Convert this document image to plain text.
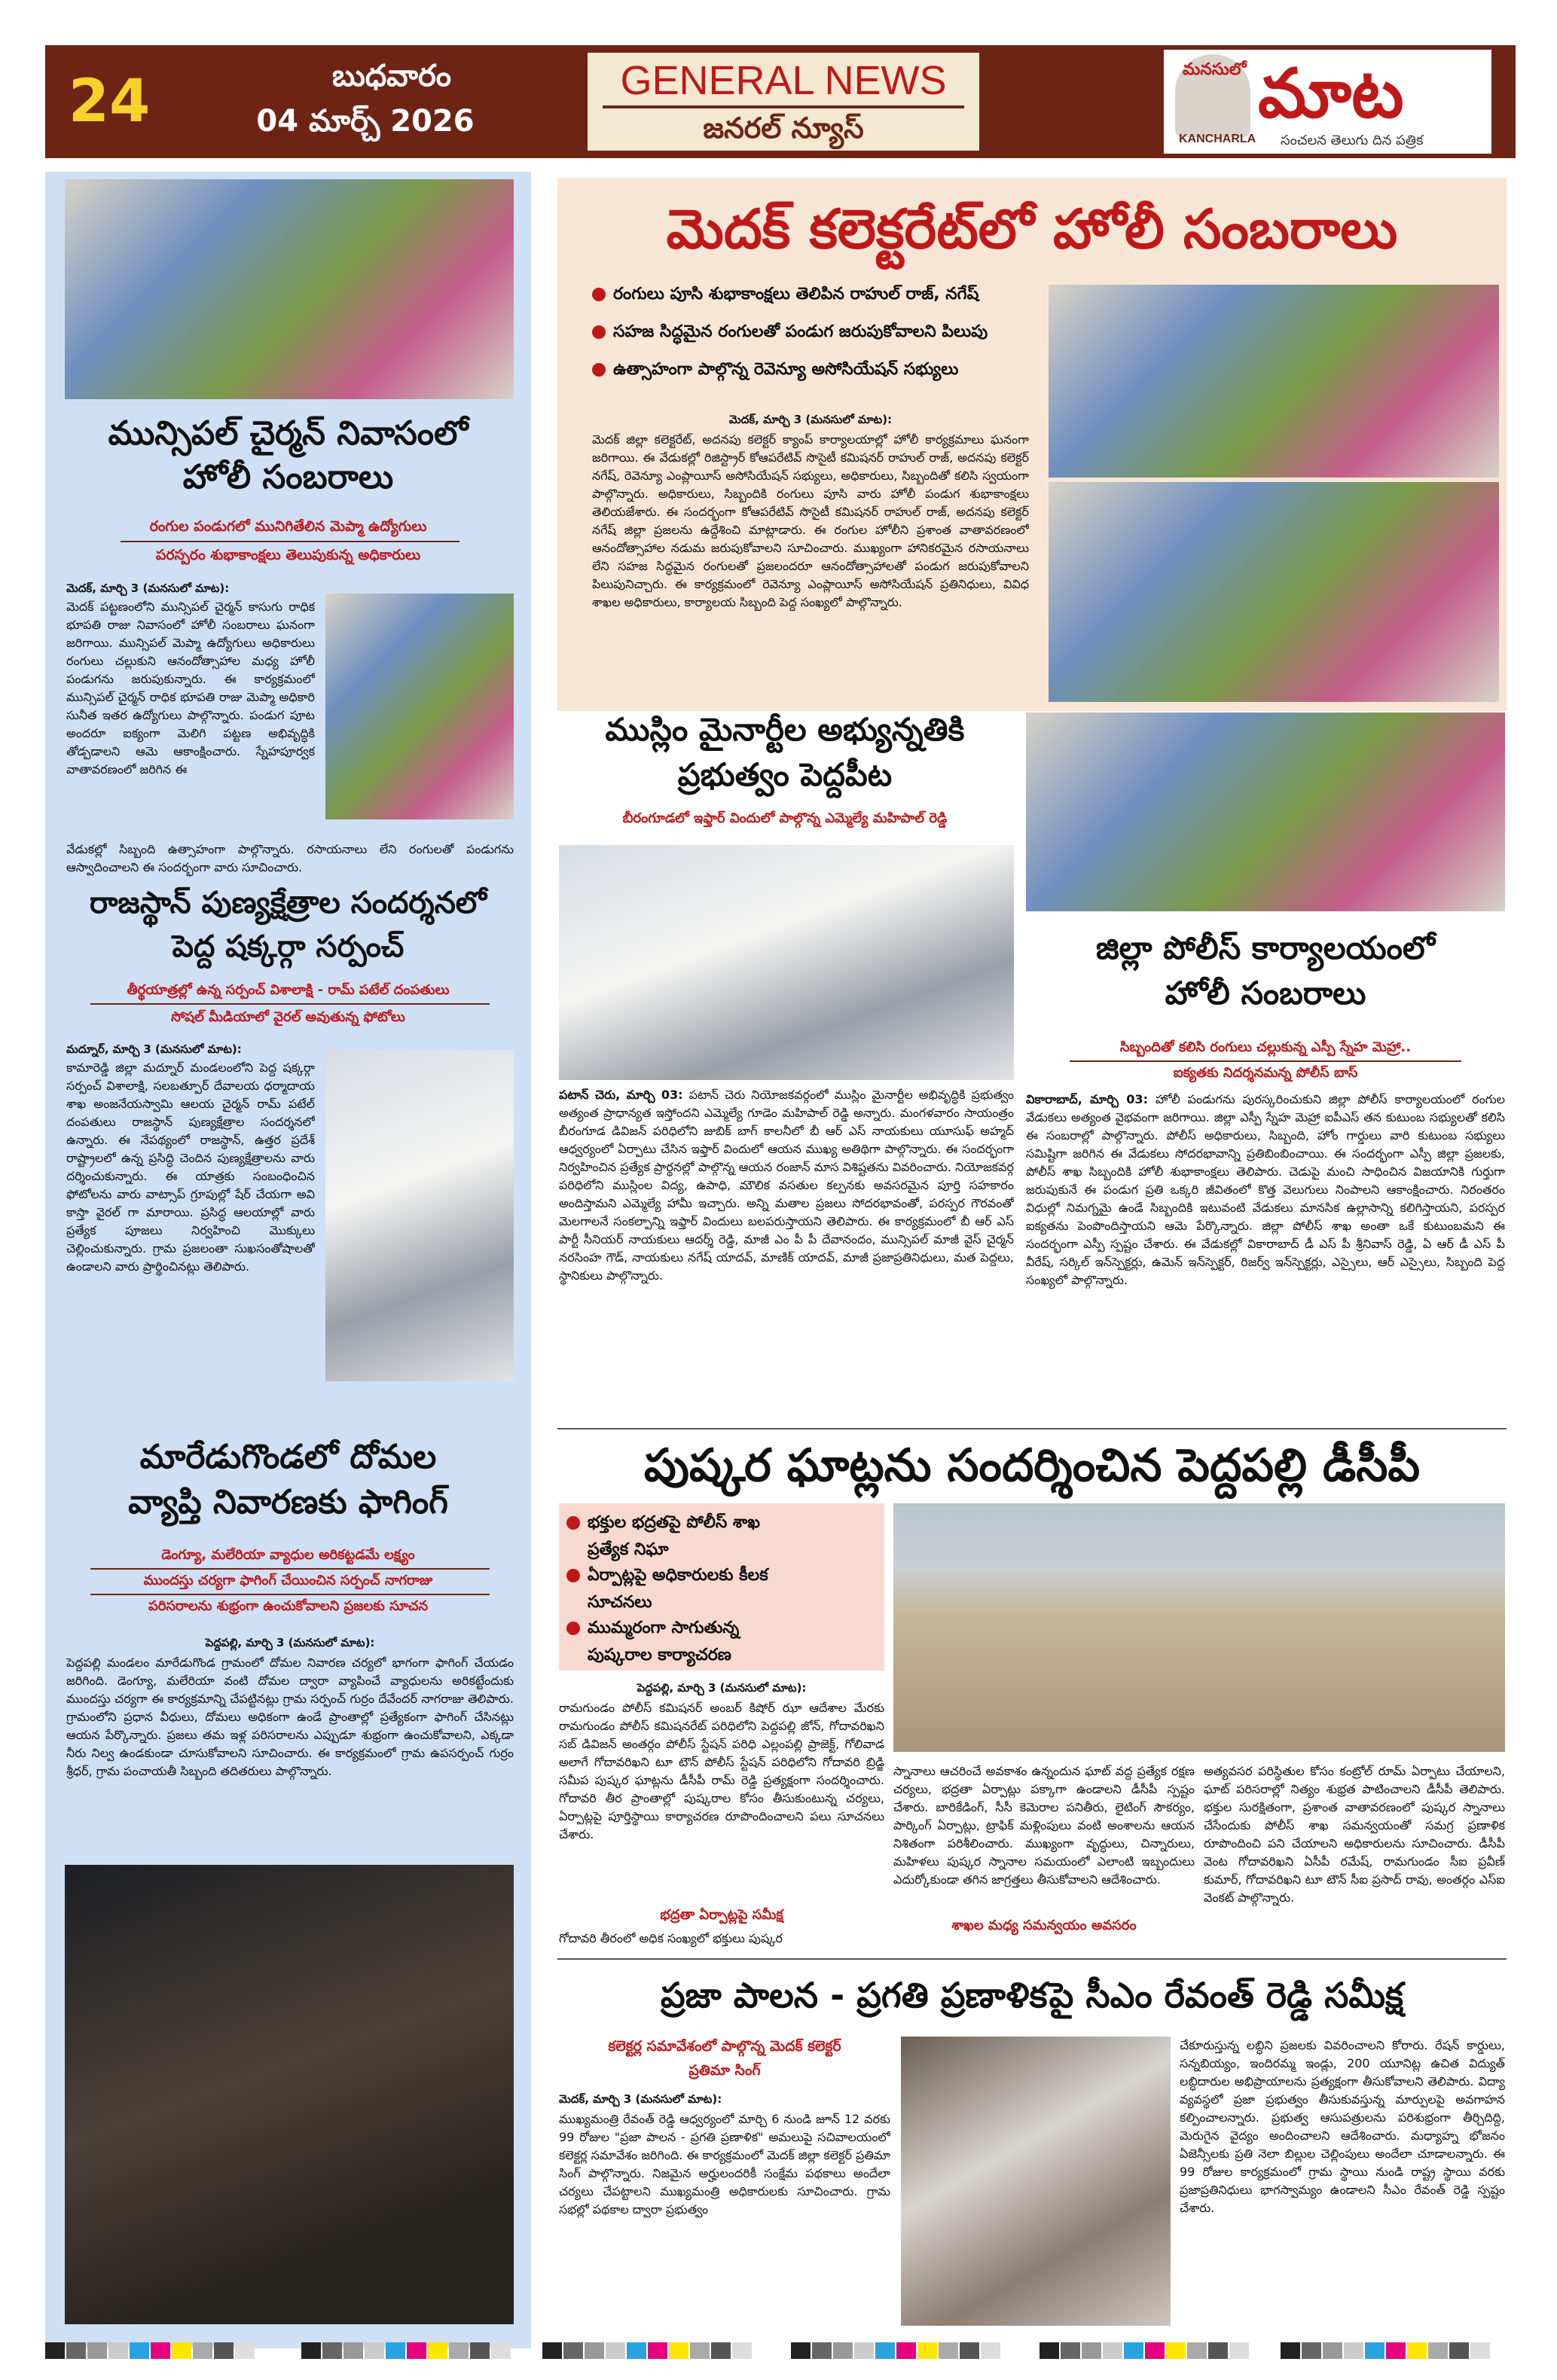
24	బుధవారం
04 మార్చ్ 2026
GENERAL NEWS
జనరల్ న్యూస్
మనసులో మాట
KANCHARLA సంచలన తెలుగు దిన పత్రిక
మున్సిపల్ చైర్మన్ నివాసంలో
హోలీ సంబరాలు
రంగుల పండుగలో మునిగితేలిన మెప్మా ఉద్యోగులు
పరస్పరం శుభాకాంక్షలు తెలుపుకున్న అధికారులు
మెదక్, మార్చి 3 (మనసులో మాట):
మెదక్ పట్టణంలోని మున్సిపల్ చైర్మన్ కాసుగు రాధిక భూపతి రాజు నివాసంలో హోలీ సంబరాలు ఘనంగా జరిగాయి. మున్సిపల్ మెప్మా ఉద్యోగులు అధికారులు రంగులు చల్లుకుని ఆనందోత్సాహాల మధ్య హోలీ పండుగను జరుపుకున్నారు. ఈ కార్యక్రమంలో మున్సిపల్ చైర్మన్ రాధిక భూపతి రాజు మెప్మా అధికారి సునీత ఇతర ఉద్యోగులు పాల్గొన్నారు. పండుగ పూట అందరూ ఐక్యంగా మెలిగి పట్టణ అభివృద్ధికి తోడ్పడాలని ఆమె ఆకాంక్షించారు. స్నేహపూర్వక వాతావరణంలో జరిగిన ఈ
వేడుకల్లో సిబ్బంది ఉత్సాహంగా పాల్గొన్నారు. రసాయనాలు లేని రంగులతో పండుగను ఆస్వాదించాలని ఈ సందర్భంగా వారు సూచించారు.
రాజస్థాన్ పుణ్యక్షేత్రాల సందర్శనలో
పెద్ద షక్కర్గా సర్పంచ్
తీర్థయాత్రల్లో ఉన్న సర్పంచ్ విశాలాక్షి - రామ్ పటేల్ దంపతులు
సోషల్ మీడియాలో వైరల్ అవుతున్న ఫోటోలు
మద్నూర్, మార్చి 3 (మనసులో మాట):
కామారెడ్డి జిల్లా మద్నూర్ మండలంలోని పెద్ద షక్కర్గా సర్పంచ్ విశాలాక్షి, సలబత్పూర్ దేవాలయ ధర్మాదాయ శాఖ అంజనేయస్వామి ఆలయ చైర్మన్ రామ్ పటేల్ దంపతులు రాజస్థాన్ పుణ్యక్షేత్రాల సందర్శనలో ఉన్నారు. ఈ నేపథ్యంలో రాజస్థాన్, ఉత్తర ప్రదేశ్ రాష్ట్రాలలో ఉన్న ప్రసిద్ధి చెందిన పుణ్యక్షేత్రాలను వారు దర్శించుకున్నారు. ఈ యాత్రకు సంబంధించిన ఫోటోలను వారు వాట్సాప్ గ్రూపుల్లో షేర్ చేయగా అవి కాస్తా వైరల్ గా మారాయి. ప్రసిద్ధ ఆలయాల్లో వారు ప్రత్యేక పూజలు నిర్వహించి మొక్కులు చెల్లించుకున్నారు. గ్రామ ప్రజలంతా సుఖసంతోషాలతో ఉండాలని వారు ప్రార్థించినట్లు తెలిపారు.
మారేడుగొండలో దోమల
వ్యాప్తి నివారణకు ఫాగింగ్
డెంగ్యూ, మలేరియా వ్యాధుల అరికట్టడమే లక్ష్యం
ముందస్తు చర్యగా ఫాగింగ్ చేయించిన సర్పంచ్ నాగరాజు
పరిసరాలను శుభ్రంగా ఉంచుకోవాలని ప్రజలకు సూచన
పెద్దపల్లి, మార్చి 3 (మనసులో మాట):
పెద్దపల్లి మండలం మారేడుగొండ గ్రామంలో దోమల నివారణ చర్యలో భాగంగా ఫాగింగ్ చేయడం జరిగింది. డెంగ్యూ, మలేరియా వంటి దోమల ద్వారా వ్యాపించే వ్యాధులను అరికట్టేందుకు ముందస్తు చర్యగా ఈ కార్యక్రమాన్ని చేపట్టినట్లు గ్రామ సర్పంచ్ గుర్రం దేవేందర్ నాగరాజు తెలిపారు. గ్రామంలోని ప్రధాన వీధులు, దోమలు అధికంగా ఉండే ప్రాంతాల్లో ప్రత్యేకంగా ఫాగింగ్ చేసినట్లు ఆయన పేర్కొన్నారు. ప్రజలు తమ ఇళ్ల పరిసరాలను ఎప్పుడూ శుభ్రంగా ఉంచుకోవాలని, ఎక్కడా నీరు నిల్వ ఉండకుండా చూసుకోవాలని సూచించారు. ఈ కార్యక్రమంలో గ్రామ ఉపసర్పంచ్ గుర్రం శ్రీధర్, గ్రామ పంచాయతీ సిబ్బంది తదితరులు పాల్గొన్నారు.
మెదక్ కలెక్టరేట్‌లో హోలీ సంబరాలు
రంగులు పూసి శుభాకాంక్షలు తెలిపిన రాహుల్ రాజ్, నగేష్
సహజ సిద్ధమైన రంగులతో పండుగ జరుపుకోవాలని పిలుపు
ఉత్సాహంగా పాల్గొన్న రెవెన్యూ అసోసియేషన్ సభ్యులు
మెదక్, మార్చి 3 (మనసులో మాట):
మెదక్ జిల్లా కలెక్టరేట్, అదనపు కలెక్టర్ క్యాంప్ కార్యాలయాల్లో హోలీ కార్యక్రమాలు ఘనంగా జరిగాయి. ఈ వేడుకల్లో రిజిస్ట్రార్ కోఆపరేటివ్ సొసైటీ కమిషనర్ రాహుల్ రాజ్, అదనపు కలెక్టర్ నగేష్, రెవెన్యూ ఎంప్లాయీస్ అసోసియేషన్ సభ్యులు, అధికారులు, సిబ్బందితో కలిసి స్వయంగా పాల్గొన్నారు. అధికారులు, సిబ్బందికి రంగులు పూసి వారు హోలీ పండుగ శుభాకాంక్షలు తెలియజేశారు. ఈ సందర్భంగా కోఆపరేటివ్ సొసైటీ కమిషనర్ రాహుల్ రాజ్, అదనపు కలెక్టర్ నగేష్ జిల్లా ప్రజలను ఉద్దేశించి మాట్లాడారు. ఈ రంగుల హోలీని ప్రశాంత వాతావరణంలో ఆనందోత్సాహాల నడుమ జరుపుకోవాలని సూచించారు. ముఖ్యంగా హానికరమైన రసాయనాలు లేని సహజ సిద్ధమైన రంగులతో ప్రజలందరూ ఆనందోత్సాహాలతో పండుగ జరుపుకోవాలని పిలుపునిచ్చారు. ఈ కార్యక్రమంలో రెవెన్యూ ఎంప్లాయీస్ అసోసియేషన్ ప్రతినిధులు, వివిధ శాఖల అధికారులు, కార్యాలయ సిబ్బంది పెద్ద సంఖ్యలో పాల్గొన్నారు.
ముస్లిం మైనార్టీల అభ్యున్నతికి
ప్రభుత్వం పెద్దపీట
బీరంగూడలో ఇఫ్తార్ విందులో పాల్గొన్న ఎమ్మెల్యే మహిపాల్ రెడ్డి
పటాన్ చెరు, మార్చి 03: పటాన్ చెరు నియోజకవర్గంలో ముస్లిం మైనార్టీల అభివృద్ధికి ప్రభుత్వం అత్యంత ప్రాధాన్యత ఇస్తోందని ఎమ్మెల్యే గూడెం మహిపాల్ రెడ్డి అన్నారు. మంగళవారం సాయంత్రం బీరంగూడ డివిజన్ పరిధిలోని జుబిక్ బాగ్ కాలనీలో బీ ఆర్ ఎస్ నాయకులు యూసుఫ్ అహ్మద్ ఆధ్వర్యంలో ఏర్పాటు చేసిన ఇఫ్తార్ విందులో ఆయన ముఖ్య అతిథిగా పాల్గొన్నారు. ఈ సందర్భంగా నిర్వహించిన ప్రత్యేక ప్రార్థనల్లో పాల్గొన్న ఆయన రంజాన్ మాస విశిష్టతను వివరించారు. నియోజకవర్గ పరిధిలోని ముస్లింల విద్య, ఉపాధి, మౌలిక వసతుల కల్పనకు అవసరమైన పూర్తి సహకారం అందిస్తామని ఎమ్మెల్యే హామీ ఇచ్చారు. అన్ని మతాల ప్రజలు సోదరభావంతో, పరస్పర గౌరవంతో మెలగాలనే సంకల్పాన్ని ఇఫ్తార్ విందులు బలపరుస్తాయని తెలిపారు. ఈ కార్యక్రమంలో బీ ఆర్ ఎస్ పార్టీ సీనియర్ నాయకులు ఆదర్శ్ రెడ్డి, మాజీ ఎం పీ పీ దేవానందం, మున్సిపల్ మాజీ వైస్ చైర్మన్ నరసింహ గౌడ్, నాయకులు నగేష్ యాదవ్, మాణిక్ యాదవ్, మాజీ ప్రజాప్రతినిధులు, మత పెద్దలు, స్థానికులు పాల్గొన్నారు.
జిల్లా పోలీస్ కార్యాలయంలో
హోలీ సంబరాలు
సిబ్బందితో కలిసి రంగులు చల్లుకున్న ఎస్పీ స్నేహ మెహ్రా..
ఐక్యతకు నిదర్శనమన్న పోలీస్ బాస్
వికారాబాద్, మార్చి 03: హోలీ పండుగను పురస్కరించుకుని జిల్లా పోలీస్ కార్యాలయంలో రంగుల వేడుకలు అత్యంత వైభవంగా జరిగాయి. జిల్లా ఎస్పీ స్నేహ మెహ్రా ఐపీఎస్ తన కుటుంబ సభ్యులతో కలిసి ఈ సంబరాల్లో పాల్గొన్నారు. పోలీస్ అధికారులు, సిబ్బంది, హోం గార్డులు వారి కుటుంబ సభ్యులు సమిష్టిగా జరిగిన ఈ వేడుకలు సోదరభావాన్ని ప్రతిబింబించాయి. ఈ సందర్భంగా ఎస్పీ జిల్లా ప్రజలకు, పోలీస్ శాఖ సిబ్బందికి హోలీ శుభాకాంక్షలు తెలిపారు. చెడుపై మంచి సాధించిన విజయానికి గుర్తుగా జరుపుకునే ఈ పండుగ ప్రతి ఒక్కరి జీవితంలో కొత్త వెలుగులు నింపాలని ఆకాంక్షించారు. నిరంతరం విధుల్లో నిమగ్నమై ఉండే సిబ్బందికి ఇటువంటి వేడుకలు మానసిక ఉల్లాసాన్ని కలిగిస్తాయని, పరస్పర ఐక్యతను పెంపొందిస్తాయని ఆమె పేర్కొన్నారు. జిల్లా పోలీస్ శాఖ అంతా ఒకే కుటుంబమని ఈ సందర్భంగా ఎస్పీ స్పష్టం చేశారు. ఈ వేడుకల్లో వికారాబాద్ డీ ఎస్ పీ శ్రీనివాస్ రెడ్డి, ఏ ఆర్ డీ ఎస్ పీ వీరేష్, సర్కిల్ ఇన్‌స్పెక్టర్లు, ఉమెన్ ఇన్‌స్పెక్టర్, రిజర్వ్ ఇన్‌స్పెక్టర్లు, ఎస్సైలు, ఆర్ ఎస్సైలు, సిబ్బంది పెద్ద సంఖ్యలో పాల్గొన్నారు.
పుష్కర ఘాట్లను సందర్శించిన పెద్దపల్లి డీసీపీ
భక్తుల భద్రతపై పోలీస్ శాఖ
ప్రత్యేక నిఘా
ఏర్పాట్లపై అధికారులకు కీలక
సూచనలు
ముమ్మరంగా సాగుతున్న
పుష్కరాల కార్యాచరణ
పెద్దపల్లి, మార్చి 3 (మనసులో మాట):
రామగుండం పోలీస్ కమిషనర్ అంబర్ కిషోర్ ఝా ఆదేశాల మేరకు రామగుండం పోలీస్ కమిషనరేట్ పరిధిలోని పెద్దపల్లి జోన్, గోదావరిఖని సబ్ డివిజన్ అంతర్గం పోలీస్ స్టేషన్ పరిధి ఎల్లంపల్లి ప్రాజెక్ట్, గోలివాడ అలాగే గోదావరిఖని టూ టౌన్ పోలీస్ స్టేషన్ పరిధిలోని గోదావరి బ్రిడ్జి సమీప పుష్కర ఘాట్లను డీసీపీ రామ్ రెడ్డి ప్రత్యక్షంగా సందర్శించారు. గోదావరి తీర ప్రాంతాల్లో పుష్కరాల కోసం తీసుకుంటున్న చర్యలు, ఏర్పాట్లపై పూర్తిస్థాయి కార్యాచరణ రూపొందించాలని పలు సూచనలు చేశారు.
భద్రతా ఏర్పాట్లపై సమీక్ష
గోదావరి తీరంలో అధిక సంఖ్యలో భక్తులు పుష్కర
స్నానాలు ఆచరించే అవకాశం ఉన్నందున ఘాట్ వద్ద ప్రత్యేక రక్షణ చర్యలు, భద్రతా ఏర్పాట్లు పక్కాగా ఉండాలని డీసీపీ స్పష్టం చేశారు. బారికేడింగ్, సీసీ కెమెరాల పనితీరు, లైటింగ్ సౌకర్యం, పార్కింగ్ ఏర్పాట్లు, ట్రాఫిక్ మళ్లింపులు వంటి అంశాలను ఆయన నిశితంగా పరిశీలించారు. ముఖ్యంగా వృద్ధులు, చిన్నారులు, మహిళలు పుష్కర స్నానాల సమయంలో ఎలాంటి ఇబ్బందులు ఎదుర్కోకుండా తగిన జాగ్రత్తలు తీసుకోవాలని ఆదేశించారు.
శాఖల మధ్య సమన్వయం అవసరం
అత్యవసర పరిస్థితుల కోసం కంట్రోల్ రూమ్ ఏర్పాటు చేయాలని, ఘాట్ పరిసరాల్లో నిత్యం శుభ్రత పాటించాలని డీసీపీ తెలిపారు. భక్తుల సురక్షితంగా, ప్రశాంత వాతావరణంలో పుష్కర స్నానాలు చేసేందుకు పోలీస్ శాఖ సమన్వయంతో సమగ్ర ప్రణాళిక రూపొందించి పని చేయాలని అధికారులను సూచించారు. డీసీపీ వెంట గోదావరిఖని ఏసీపీ రమేష్, రామగుండం సీఐ ప్రవీణ్ కుమార్, గోదావరిఖని టూ టౌన్ సీఐ ప్రసాద్ రావు, అంతర్గం ఎస్ఐ వెంకట్ పాల్గొన్నారు.
ప్రజా పాలన - ప్రగతి ప్రణాళికపై సీఎం రేవంత్ రెడ్డి సమీక్ష
కలెక్టర్ల సమావేశంలో పాల్గొన్న మెదక్ కలెక్టర్
ప్రతిమా సింగ్
మెదక్, మార్చి 3 (మనసులో మాట):
ముఖ్యమంత్రి రేవంత్ రెడ్డి ఆధ్వర్యంలో మార్చి 6 నుండి జూన్ 12 వరకు 99 రోజుల "ప్రజా పాలన - ప్రగతి ప్రణాళిక" అమలుపై సచివాలయంలో కలెక్టర్ల సమావేశం జరిగింది. ఈ కార్యక్రమంలో మెదక్ జిల్లా కలెక్టర్ ప్రతిమా సింగ్ పాల్గొన్నారు. నిజమైన అర్హులందరికీ సంక్షేమ పథకాలు అందేలా చర్యలు చేపట్టాలని ముఖ్యమంత్రి అధికారులకు సూచించారు. గ్రామ సభల్లో పథకాల ద్వారా ప్రభుత్వం
చేకూరుస్తున్న లబ్ధిని ప్రజలకు వివరించాలని కోరారు. రేషన్ కార్డులు, సన్నబియ్యం, ఇందిరమ్మ ఇండ్లు, 200 యూనిట్ల ఉచిత విద్యుత్ లబ్ధిదారుల అభిప్రాయాలను ప్రత్యక్షంగా తీసుకోవాలని తెలిపారు. విద్యా వ్యవస్థలో ప్రజా ప్రభుత్వం తీసుకువస్తున్న మార్పులపై అవగాహన కల్పించాలన్నారు. ప్రభుత్వ ఆసుపత్రులను పరిశుభ్రంగా తీర్చిదిద్ది, మెరుగైన వైద్యం అందించాలని ఆదేశించారు. మధ్యాహ్న భోజనం ఏజెన్సీలకు ప్రతి నెలా బిల్లుల చెల్లింపులు అందేలా చూడాలన్నారు. ఈ 99 రోజుల కార్యక్రమంలో గ్రామ స్థాయి నుండి రాష్ట్ర స్థాయి వరకు ప్రజాప్రతినిధులు భాగస్వామ్యం ఉండాలని సీఎం రేవంత్ రెడ్డి స్పష్టం చేశారు.
